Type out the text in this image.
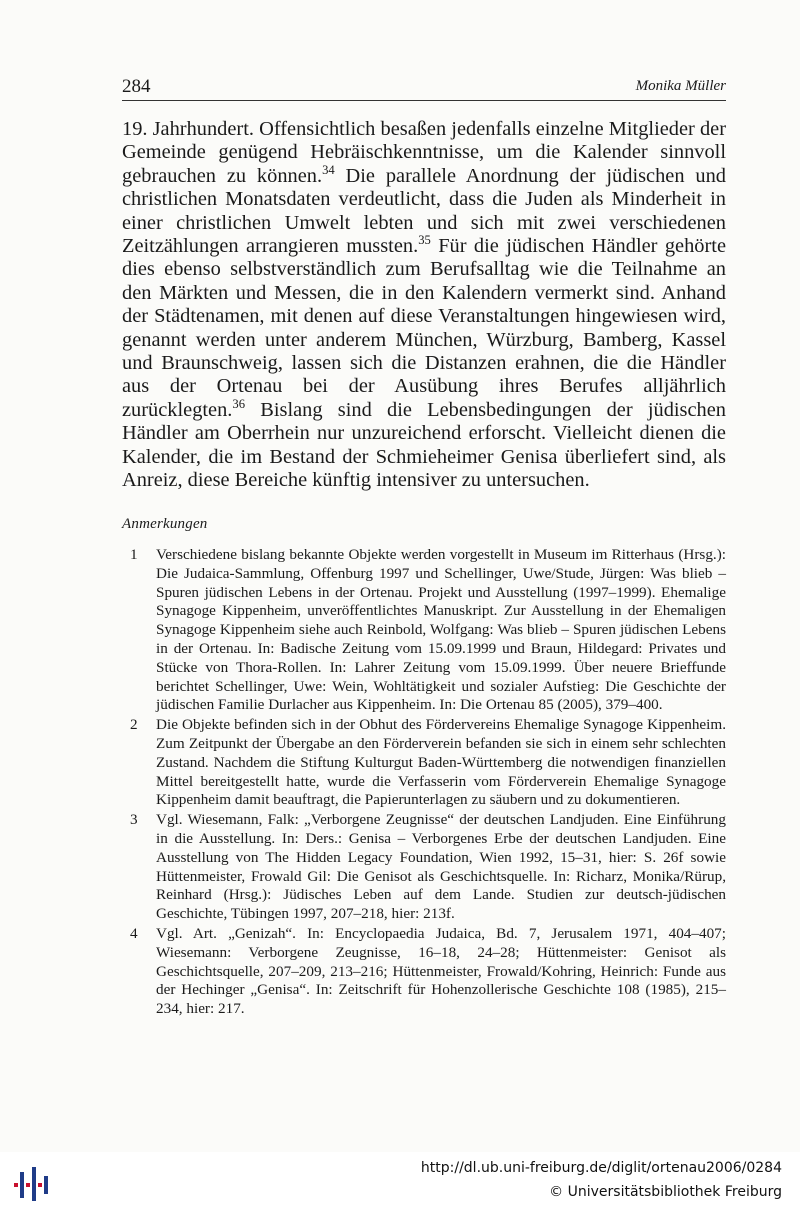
284	Monika Müller

19. Jahrhundert. Offensichtlich besaßen jedenfalls einzelne Mitglieder der Gemeinde genügend Hebräischkenntnisse, um die Kalender sinnvoll gebrauchen zu können.$^{34}$ Die parallele Anordnung der jüdischen und christlichen Monatsdaten verdeutlicht, dass die Juden als Minderheit in einer christlichen Umwelt lebten und sich mit zwei verschiedenen Zeitzählungen arrangieren mussten.$^{35}$ Für die jüdischen Händler gehörte dies ebenso selbstverständlich zum Berufsalltag wie die Teilnahme an den Märkten und Messen, die in den Kalendern vermerkt sind. Anhand der Städtenamen, mit denen auf diese Veranstaltungen hingewiesen wird, genannt werden unter anderem München, Würzburg, Bamberg, Kassel und Braunschweig, lassen sich die Distanzen erahnen, die die Händler aus der Ortenau bei der Ausübung ihres Berufes alljährlich zurücklegten.$^{36}$ Bislang sind die Lebensbedingungen der jüdischen Händler am Oberrhein nur unzureichend erforscht. Vielleicht dienen die Kalender, die im Bestand der Schmieheimer Genisa überliefert sind, als Anreiz, diese Bereiche künftig intensiver zu untersuchen.

Anmerkungen
1 Verschiedene bislang bekannte Objekte werden vorgestellt in Museum im Ritterhaus (Hrsg.): Die Judaica-Sammlung, Offenburg 1997 und Schellinger, Uwe/Stude, Jürgen: Was blieb – Spuren jüdischen Lebens in der Ortenau. Projekt und Ausstellung (1997–1999). Ehemalige Synagoge Kippenheim, unveröffentlichtes Manuskript. Zur Ausstellung in der Ehemaligen Synagoge Kippenheim siehe auch Reinbold, Wolfgang: Was blieb – Spuren jüdischen Lebens in der Ortenau. In: Badische Zeitung vom 15.09.1999 und Braun, Hildegard: Privates und Stücke von Thora-Rollen. In: Lahrer Zeitung vom 15.09.1999. Über neuere Brieffunde berichtet Schellinger, Uwe: Wein, Wohltätigkeit und sozialer Aufstieg: Die Geschichte der jüdischen Familie Durlacher aus Kippenheim. In: Die Ortenau 85 (2005), 379–400.
2 Die Objekte befinden sich in der Obhut des Fördervereins Ehemalige Synagoge Kippenheim. Zum Zeitpunkt der Übergabe an den Förderverein befanden sie sich in einem sehr schlechten Zustand. Nachdem die Stiftung Kulturgut Baden-Württemberg die notwendigen finanziellen Mittel bereitgestellt hatte, wurde die Verfasserin vom Förderverein Ehemalige Synagoge Kippenheim damit beauftragt, die Papierunterlagen zu säubern und zu dokumentieren.
3 Vgl. Wiesemann, Falk: „Verborgene Zeugnisse“ der deutschen Landjuden. Eine Einführung in die Ausstellung. In: Ders.: Genisa – Verborgenes Erbe der deutschen Landjuden. Eine Ausstellung von The Hidden Legacy Foundation, Wien 1992, 15–31, hier: S. 26f sowie Hüttenmeister, Frowald Gil: Die Genisot als Geschichtsquelle. In: Richarz, Monika/Rürup, Reinhard (Hrsg.): Jüdisches Leben auf dem Lande. Studien zur deutsch-jüdischen Geschichte, Tübingen 1997, 207–218, hier: 213f.
4 Vgl. Art. „Genizah“. In: Encyclopaedia Judaica, Bd. 7, Jerusalem 1971, 404–407; Wiesemann: Verborgene Zeugnisse, 16–18, 24–28; Hüttenmeister: Genisot als Geschichtsquelle, 207–209, 213–216; Hüttenmeister, Frowald/Kohring, Heinrich: Funde aus der Hechinger „Genisa“. In: Zeitschrift für Hohenzollerische Geschichte 108 (1985), 215–234, hier: 217.
http://dl.ub.uni-freiburg.de/diglit/ortenau2006/0284
© Universitätsbibliothek Freiburg
